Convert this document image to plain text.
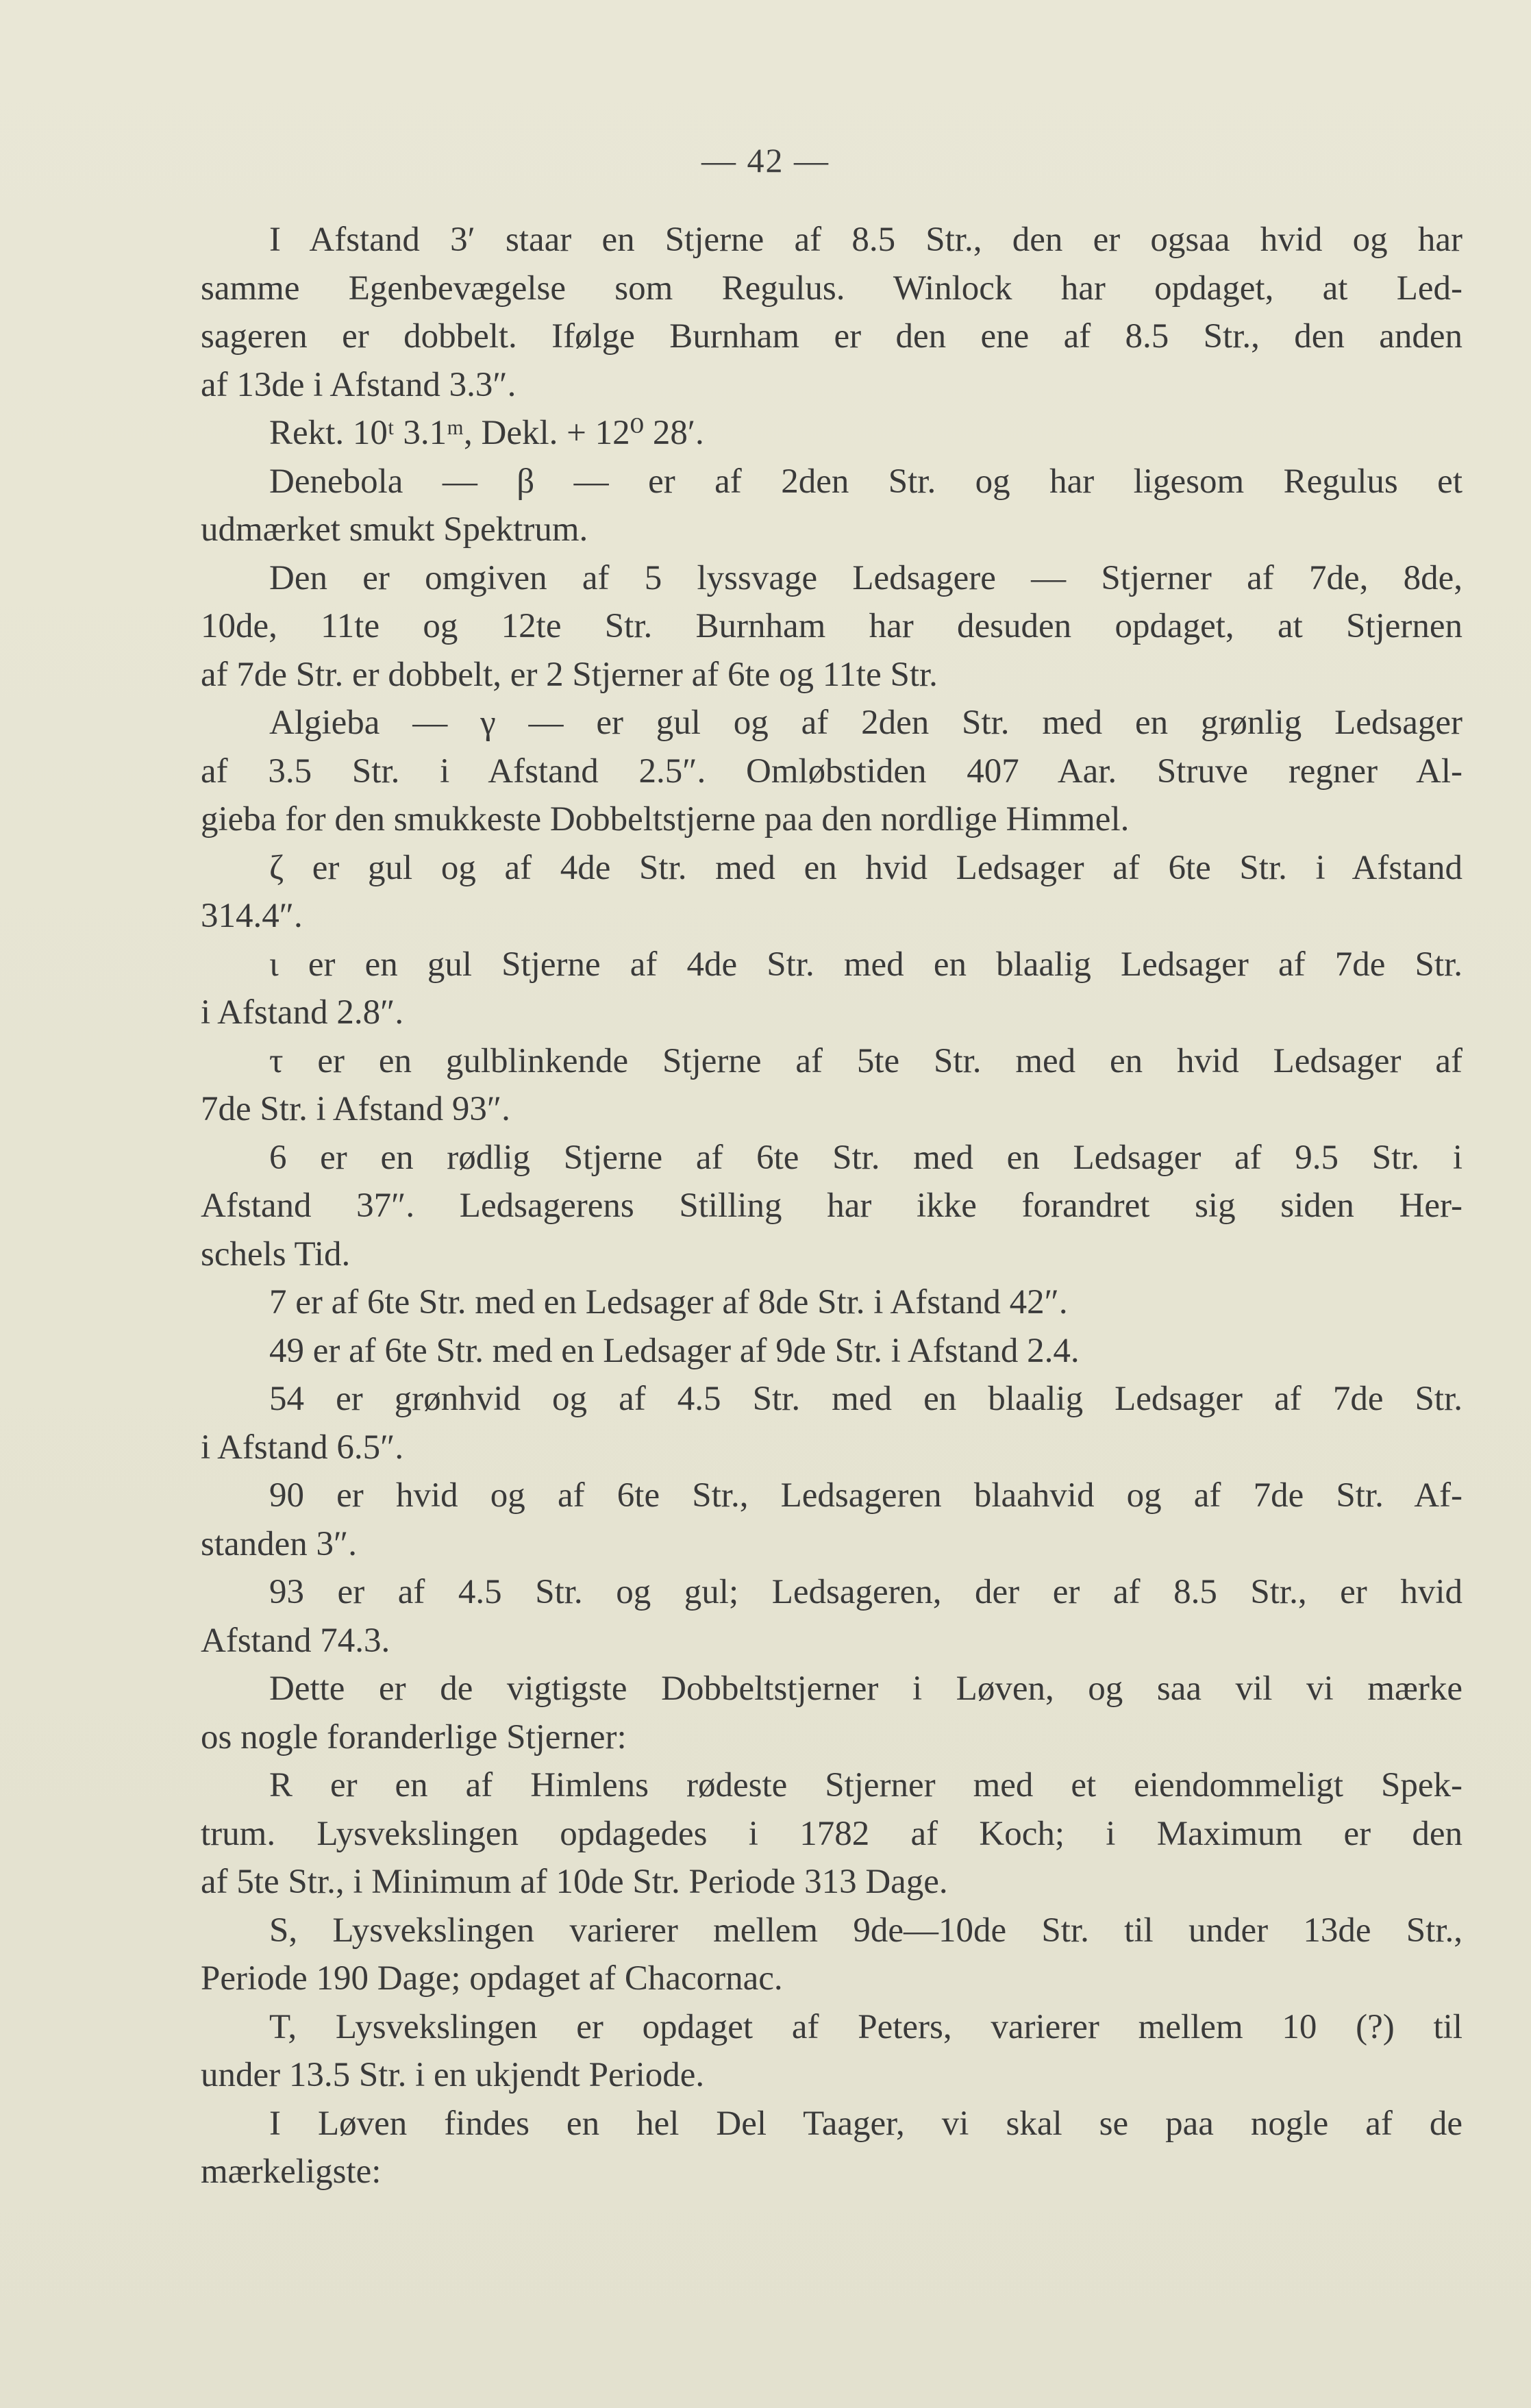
— 42 —
I Afstand 3′ staar en Stjerne af 8.5 Str., den er ogsaa hvid og har
samme Egenbevægelse som Regulus. Winlock har opdaget, at Led-
sageren er dobbelt. Ifølge Burnham er den ene af 8.5 Str., den anden
af 13de i Afstand 3.3″.
Rekt. 10ᵗ 3.1ᵐ, Dekl. + 12⁰ 28′.
Denebola — β — er af 2den Str. og har ligesom Regulus et
udmærket smukt Spektrum.
Den er omgiven af 5 lyssvage Ledsagere — Stjerner af 7de, 8de,
10de, 11te og 12te Str. Burnham har desuden opdaget, at Stjernen
af 7de Str. er dobbelt, er 2 Stjerner af 6te og 11te Str.
Algieba — γ — er gul og af 2den Str. med en grønlig Ledsager
af 3.5 Str. i Afstand 2.5″. Omløbstiden 407 Aar. Struve regner Al-
gieba for den smukkeste Dobbeltstjerne paa den nordlige Himmel.
ζ er gul og af 4de Str. med en hvid Ledsager af 6te Str. i Afstand
314.4″.
ι er en gul Stjerne af 4de Str. med en blaalig Ledsager af 7de Str.
i Afstand 2.8″.
τ er en gulblinkende Stjerne af 5te Str. med en hvid Ledsager af
7de Str. i Afstand 93″.
6 er en rødlig Stjerne af 6te Str. med en Ledsager af 9.5 Str. i
Afstand 37″. Ledsagerens Stilling har ikke forandret sig siden Her-
schels Tid.
7 er af 6te Str. med en Ledsager af 8de Str. i Afstand 42″.
49 er af 6te Str. med en Ledsager af 9de Str. i Afstand 2.4.
54 er grønhvid og af 4.5 Str. med en blaalig Ledsager af 7de Str.
i Afstand 6.5″.
90 er hvid og af 6te Str., Ledsageren blaahvid og af 7de Str. Af-
standen 3″.
93 er af 4.5 Str. og gul; Ledsageren, der er af 8.5 Str., er hvid
Afstand 74.3.
Dette er de vigtigste Dobbeltstjerner i Løven, og saa vil vi mærke
os nogle foranderlige Stjerner:
R er en af Himlens rødeste Stjerner med et eiendommeligt Spek-
trum. Lysvekslingen opdagedes i 1782 af Koch; i Maximum er den
af 5te Str., i Minimum af 10de Str. Periode 313 Dage.
S, Lysvekslingen varierer mellem 9de—10de Str. til under 13de Str.,
Periode 190 Dage; opdaget af Chacornac.
T, Lysvekslingen er opdaget af Peters, varierer mellem 10 (?) til
under 13.5 Str. i en ukjendt Periode.
I Løven findes en hel Del Taager, vi skal se paa nogle af de
mærkeligste:
